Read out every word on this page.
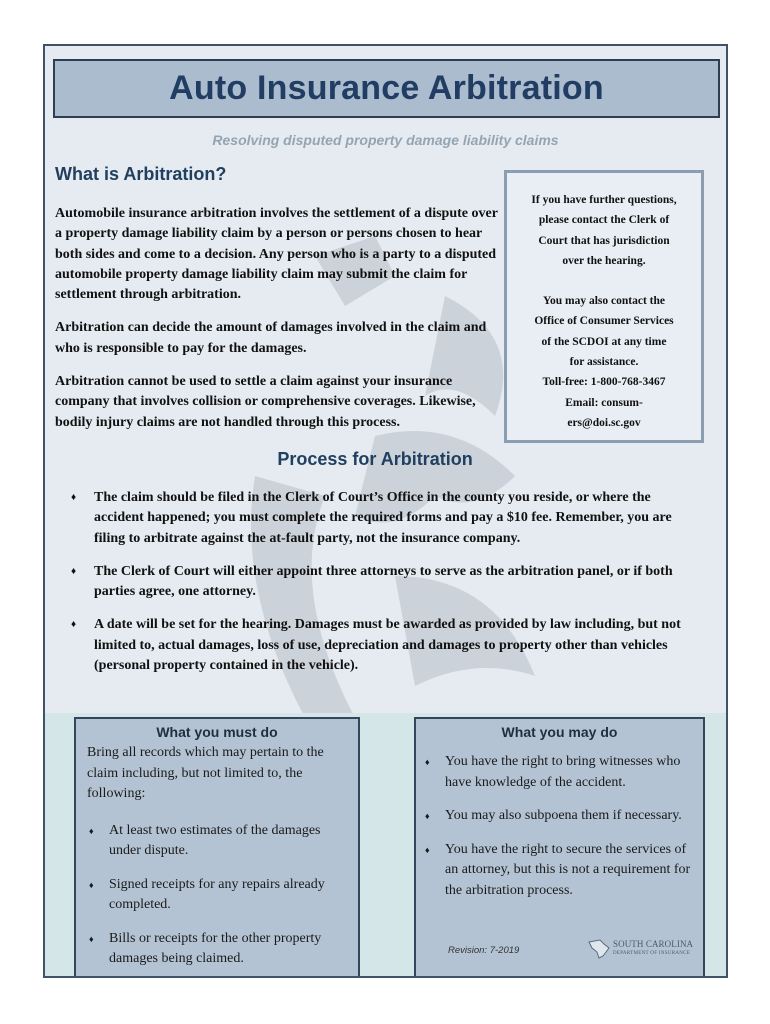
Auto Insurance Arbitration
Resolving disputed property damage liability claims
What is Arbitration?

Automobile insurance arbitration involves the settlement of a dispute over a property damage liability claim by a person or persons chosen to hear both sides and come to a decision. Any person who is a party to a disputed automobile property damage liability claim may submit the claim for settlement through arbitration.

Arbitration can decide the amount of damages involved in the claim and who is responsible to pay for the damages.

Arbitration cannot be used to settle a claim against your insurance company that involves collision or comprehensive coverages. Likewise, bodily injury claims are not handled through this process.

If you have further questions,
please contact the Clerk of
Court that has jurisdiction
over the hearing.
You may also contact the
Office of Consumer Services
of the SCDOI at any time
for assistance.
Toll-free: 1-800-768-3467
Email: consum-
ers@doi.sc.gov
Process for Arbitration
♦ The claim should be filed in the Clerk of Court’s Office in the county you reside, or where the accident happened; you must complete the required forms and pay a $10 fee. Remember, you are filing to arbitrate against the at-fault party, not the insurance company.
♦ The Clerk of Court will either appoint three attorneys to serve as the arbitration panel, or if both parties agree, one attorney.
♦ A date will be set for the hearing. Damages must be awarded as provided by law including, but not limited to, actual damages, loss of use, depreciation and damages to property other than vehicles (personal property contained in the vehicle).
What you must do
Bring all records which may pertain to the claim including, but not limited to, the following:
♦ At least two estimates of the damages under dispute.
♦ Signed receipts for any repairs already completed.
♦ Bills or receipts for the other property damages being claimed.
What you may do
♦ You have the right to bring witnesses who have knowledge of the accident.
♦ You may also subpoena them if necessary.
♦ You have the right to secure the services of an attorney, but this is not a requirement for the arbitration process.
Revision: 7-2019
SOUTH CAROLINA
DEPARTMENT OF INSURANCE
